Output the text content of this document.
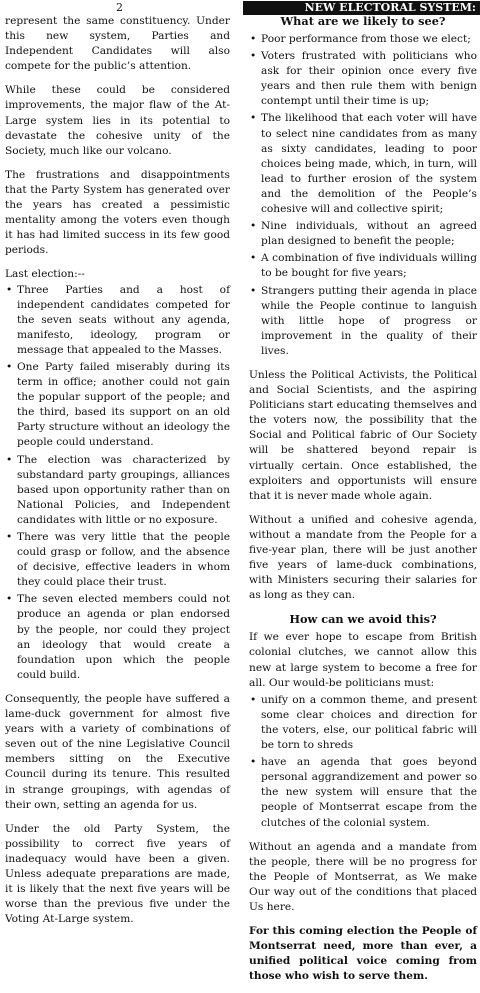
2	NEW ELECTORAL SYSTEM:

represent the same constituency. Under this new system, Parties and Independent Candidates will also compete for the public’s attention.

While these could be considered improvements, the major flaw of the At-Large system lies in its potential to devastate the cohesive unity of the Society, much like our volcano.

The frustrations and disappointments that the Party System has generated over the years has created a pessimistic mentality among the voters even though it has had limited success in its few good periods.

Last election:--

• Three Parties and a host of independent candidates competed for the seven seats without any agenda, manifesto, ideology, program or message that appealed to the Masses.
• One Party failed miserably during its term in office; another could not gain the popular support of the people; and the third, based its support on an old Party structure without an ideology the people could understand.
• The election was characterized by substandard party groupings, alliances based upon opportunity rather than on National Policies, and Independent candidates with little or no exposure.
• There was very little that the people could grasp or follow, and the absence of decisive, effective leaders in whom they could place their trust.
• The seven elected members could not produce an agenda or plan endorsed by the people, nor could they project an ideology that would create a foundation upon which the people could build.

Consequently, the people have suffered a lame-duck government for almost five years with a variety of combinations of seven out of the nine Legislative Council members sitting on the Executive Council during its tenure. This resulted in strange groupings, with agendas of their own, setting an agenda for us.

Under the old Party System, the possibility to correct five years of inadequacy would have been a given. Unless adequate preparations are made, it is likely that the next five years will be worse than the previous five under the Voting At-Large system.

What are we likely to see?
• Poor performance from those we elect;
• Voters frustrated with politicians who ask for their opinion once every five years and then rule them with benign contempt until their time is up;
• The likelihood that each voter will have to select nine candidates from as many as sixty candidates, leading to poor choices being made, which, in turn, will lead to further erosion of the system and the demolition of the People’s cohesive will and collective spirit;
• Nine individuals, without an agreed plan designed to benefit the people;
• A combination of five individuals willing to be bought for five years;
• Strangers putting their agenda in place while the People continue to languish with little hope of progress or improvement in the quality of their lives.

Unless the Political Activists, the Political and Social Scientists, and the aspiring Politicians start educating themselves and the voters now, the possibility that the Social and Political fabric of Our Society will be shattered beyond repair is virtually certain. Once established, the exploiters and opportunists will ensure that it is never made whole again.

Without a unified and cohesive agenda, without a mandate from the People for a five-year plan, there will be just another five years of lame-duck combinations, with Ministers securing their salaries for as long as they can.

How can we avoid this?

If we ever hope to escape from British colonial clutches, we cannot allow this new at large system to become a free for all. Our would-be politicians must:

• unify on a common theme, and present some clear choices and direction for the voters, else, our political fabric will be torn to shreds
• have an agenda that goes beyond personal aggrandizement and power so the new system will ensure that the people of Montserrat escape from the clutches of the colonial system.

Without an agenda and a mandate from the people, there will be no progress for the People of Montserrat, as We make Our way out of the conditions that placed Us here.

For this coming election the People of Montserrat need, more than ever, a unified political voice coming from those who wish to serve them.
